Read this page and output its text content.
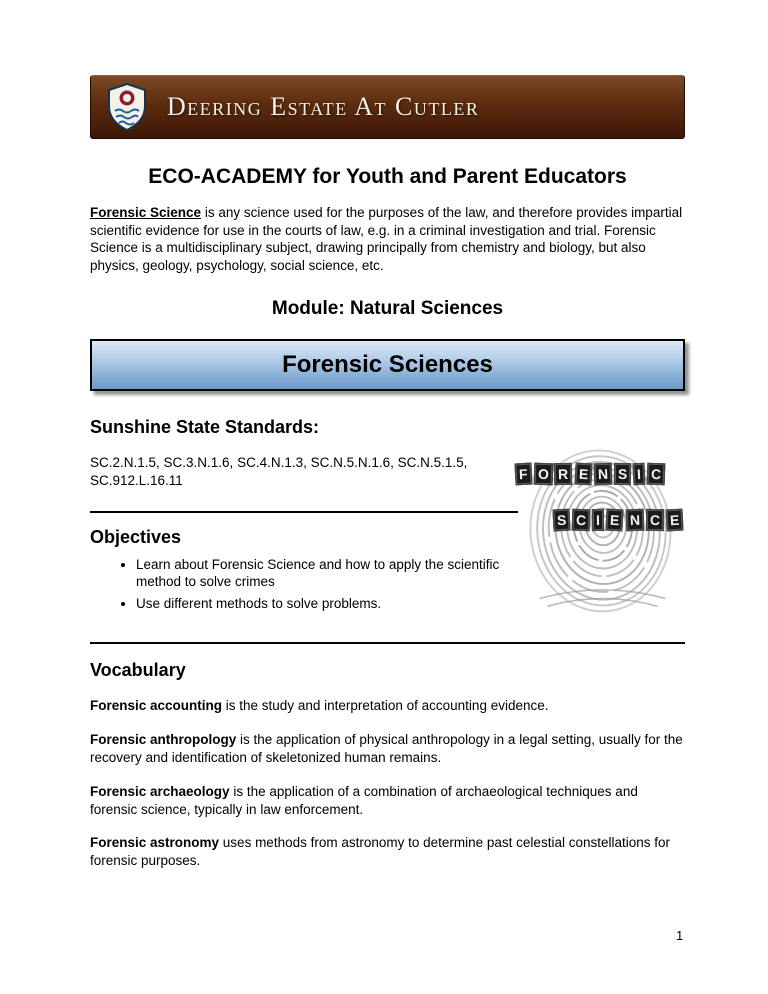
Deering Estate At Cutler
ECO-ACADEMY for Youth and Parent Educators

Forensic Science is any science used for the purposes of the law, and therefore provides impartial scientific evidence for use in the courts of law, e.g. in a criminal investigation and trial. Forensic Science is a multidisciplinary subject, drawing principally from chemistry and biology, but also physics, geology, psychology, social science, etc.

Module: Natural Sciences
Forensic Sciences
Sunshine State Standards:

SC.2.N.1.5, SC.3.N.1.6, SC.4.N.1.3, SC.N.5.N.1.6, SC.N.5.1.5, SC.912.L.16.11

Objectives
• Learn about Forensic Science and how to apply the scientific method to solve crimes
• Use different methods to solve problems.
F O R E N S I C
S C I E N C E
Vocabulary

Forensic accounting is the study and interpretation of accounting evidence.

Forensic anthropology is the application of physical anthropology in a legal setting, usually for the recovery and identification of skeletonized human remains.

Forensic archaeology is the application of a combination of archaeological techniques and forensic science, typically in law enforcement.

Forensic astronomy uses methods from astronomy to determine past celestial constellations for forensic purposes.

1
